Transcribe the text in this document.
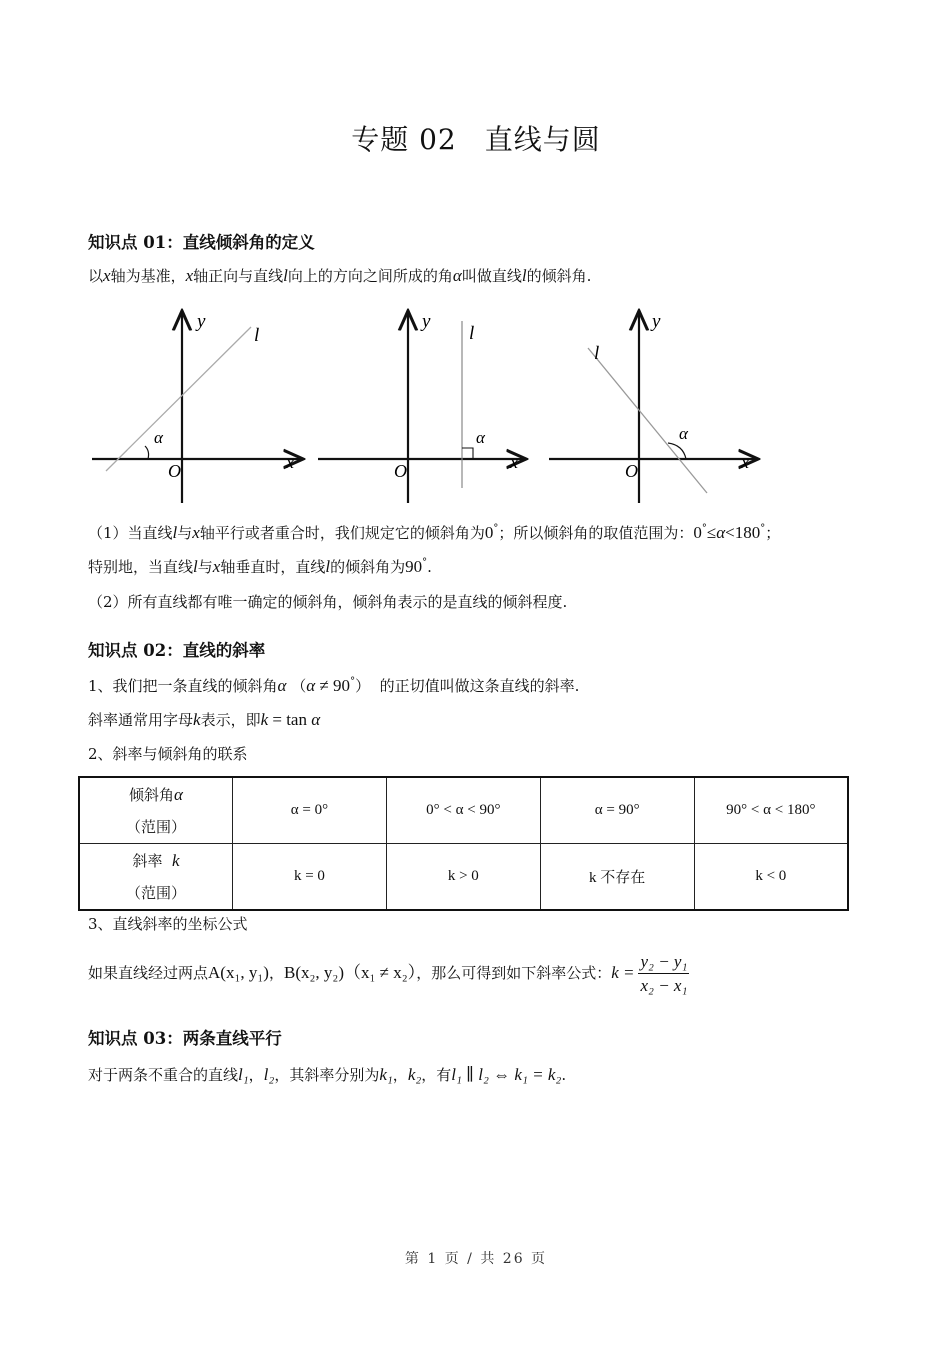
专题 02 直线与圆
知识点 01：直线倾斜角的定义
以x轴为基准，x轴正向与直线l向上的方向之间所成的角α叫做直线l的倾斜角.
α
y
l
O	x
α
y
l
O	x
α
y
l
O	x
（1）当直线l与x轴平行或者重合时，我们规定它的倾斜角为0°；所以倾斜角的取值范围为：0°≤α<180°；
特别地，当直线l与x轴垂直时，直线l的倾斜角为90°.
（2）所有直线都有唯一确定的倾斜角，倾斜角表示的是直线的倾斜程度.
知识点 02：直线的斜率
1、我们把一条直线的倾斜角α （α ≠ 90°） 的正切值叫做这条直线的斜率.
斜率通常用字母k表示，即k = tan α
2、斜率与倾斜角的联系
倾斜角α
（范围）	α = 0°	0° < α < 90°	α = 90°	90° < α < 180°
斜率 k
（范围）	k = 0	k > 0	k 不存在	k < 0
3、直线斜率的坐标公式
如果直线经过两点A(x₁, y₁)，B(x₂, y₂)（x₁ ≠ x₂），那么可得到如下斜率公式：$k = \frac{\text{y₂ − y₁}}{\text{x₂ − x₁}}$
知识点 03：两条直线平行
对于两条不重合的直线l₁，l₂，其斜率分别为k₁，k₂，有l₁ ∥ l₂ ⇔ k₁ = k₂.
第 1 页 / 共 26 页
